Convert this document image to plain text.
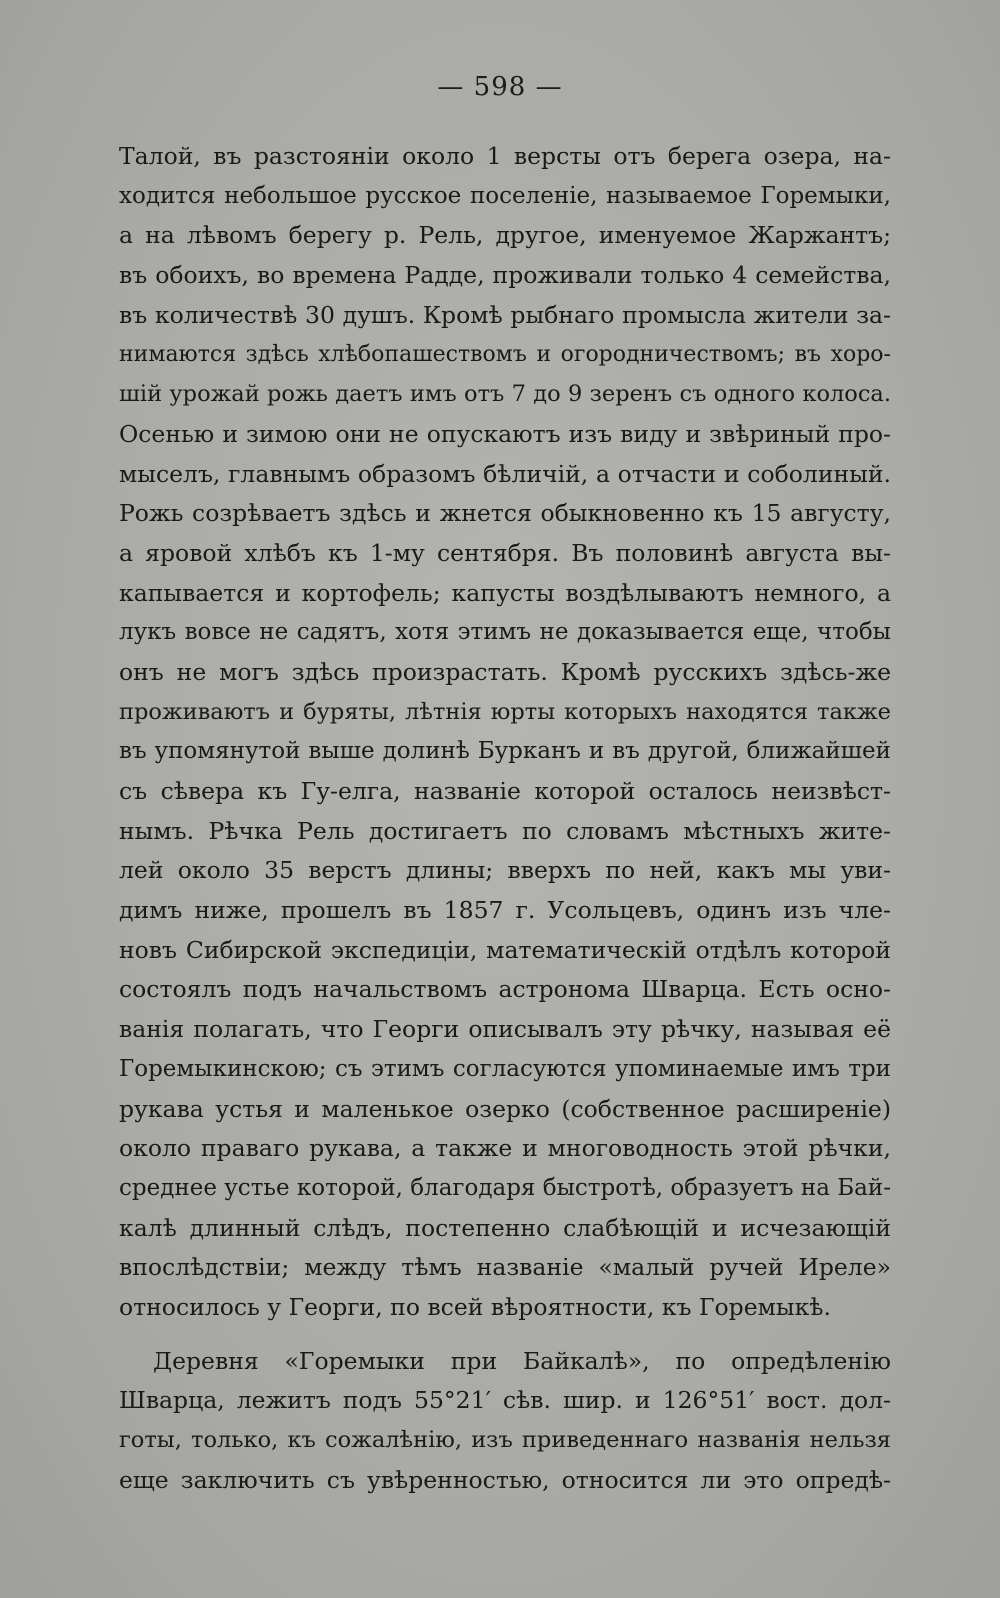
— 598 —
Талой, въ разстояніи около 1 версты отъ берега озера, на-
ходится небольшое русское поселеніе, называемое Горемыки,
а на лѣвомъ берегу р. Рель, другое, именуемое Жаржантъ;
въ обоихъ, во времена Радде, проживали только 4 семейства,
въ количествѣ 30 душъ. Кромѣ рыбнаго промысла жители за-
нимаются здѣсь хлѣбопашествомъ и огородничествомъ; въ хоро-
шій урожай рожь даетъ имъ отъ 7 до 9 зеренъ съ одного колоса.
Осенью и зимою они не опускаютъ изъ виду и звѣриный про-
мыселъ, главнымъ образомъ бѣличій, а отчасти и соболиный.
Рожь созрѣваетъ здѣсь и жнется обыкновенно къ 15 августу,
а яровой хлѣбъ къ 1-му сентября. Въ половинѣ августа вы-
капывается и кортофель; капусты воздѣлываютъ немного, а
лукъ вовсе не садятъ, хотя этимъ не доказывается еще, чтобы
онъ не могъ здѣсь произрастать. Кромѣ русскихъ здѣсь-же
проживаютъ и буряты, лѣтнія юрты которыхъ находятся также
въ упомянутой выше долинѣ Бурканъ и въ другой, ближайшей
съ сѣвера къ Гу-елга, названіе которой осталось неизвѣст-
нымъ. Рѣчка Рель достигаетъ по словамъ мѣстныхъ жите-
лей около 35 верстъ длины; вверхъ по ней, какъ мы уви-
димъ ниже, прошелъ въ 1857 г. Усольцевъ, одинъ изъ чле-
новъ Сибирской экспедиціи, математическій отдѣлъ которой
состоялъ подъ начальствомъ астронома Шварца. Есть осно-
ванія полагать, что Георги описывалъ эту рѣчку, называя её
Горемыкинскою; съ этимъ согласуются упоминаемые имъ три
рукава устья и маленькое озерко (собственное расширеніе)
около праваго рукава, а также и многоводность этой рѣчки,
среднее устье которой, благодаря быстротѣ, образуетъ на Бай-
калѣ длинный слѣдъ, постепенно слабѣющій и исчезающій
впослѣдствіи; между тѣмъ названіе «малый ручей Иреле»
относилось у Георги, по всей вѣроятности, къ Горемыкѣ.
Деревня «Горемыки при Байкалѣ», по опредѣленію
Шварца, лежитъ подъ 55°21′ сѣв. шир. и 126°51′ вост. дол-
готы, только, къ сожалѣнію, изъ приведеннаго названія нельзя
еще заключить съ увѣренностью, относится ли это опредѣ-
